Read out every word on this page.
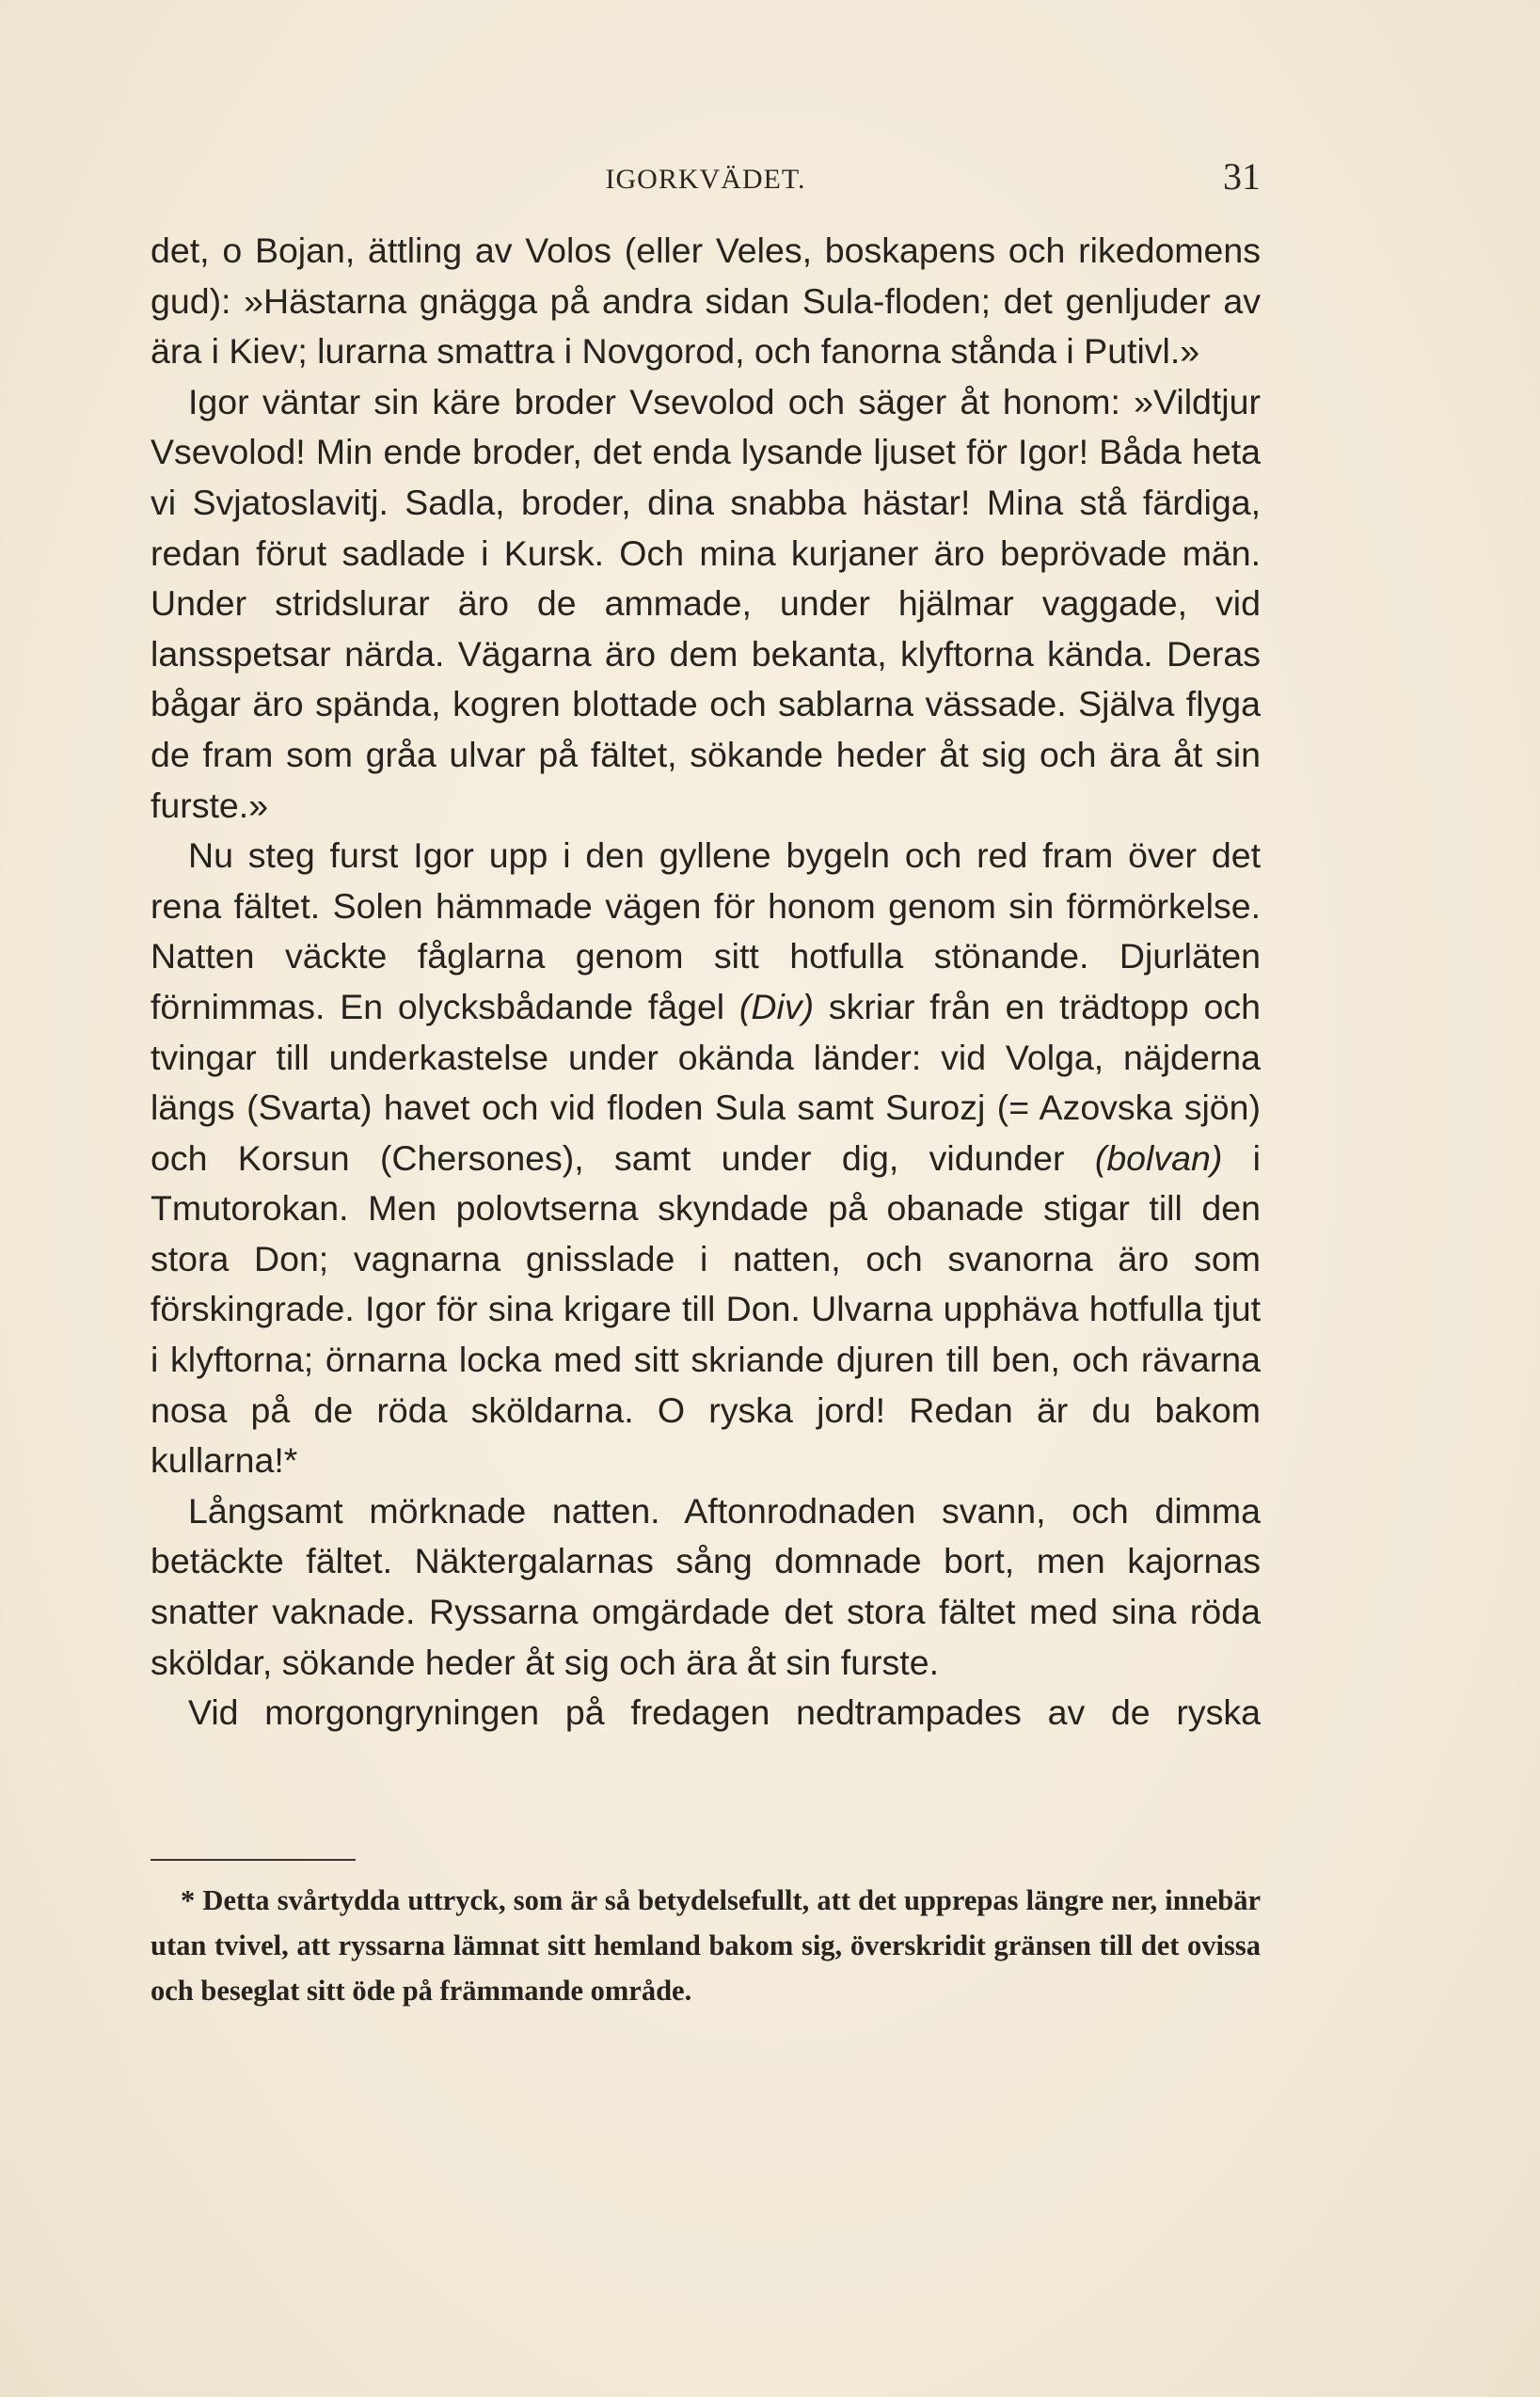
IGORKVÄDET.	31

det, o Bojan, ättling av Volos (eller Veles, boskapens och rikedomens gud): »Hästarna gnägga på andra sidan Sula-floden; det genljuder av ära i Kiev; lurarna smattra i Novgorod, och fanorna stånda i Putivl.»

Igor väntar sin käre broder Vsevolod och säger åt honom: »Vildtjur Vsevolod! Min ende broder, det enda lysande ljuset för Igor! Båda heta vi Svjatoslavitj. Sadla, broder, dina snabba hästar! Mina stå färdiga, redan förut sadlade i Kursk. Och mina kurjaner äro beprövade män. Under stridslurar äro de ammade, under hjälmar vaggade, vid lansspetsar närda. Vägarna äro dem bekanta, klyftorna kända. Deras bågar äro spända, kogren blottade och sablarna vässade. Själva flyga de fram som gråa ulvar på fältet, sökande heder åt sig och ära åt sin furste.»

Nu steg furst Igor upp i den gyllene bygeln och red fram över det rena fältet. Solen hämmade vägen för honom genom sin förmörkelse. Natten väckte fåglarna genom sitt hotfulla stönande. Djurläten förnimmas. En olycksbådande fågel (Div) skriar från en trädtopp och tvingar till underkastelse under okända länder: vid Volga, näjderna längs (Svarta) havet och vid floden Sula samt Surozj (= Azovska sjön) och Korsun (Chersones), samt under dig, vidunder (bolvan) i Tmutorokan. Men polovtserna skyndade på obanade stigar till den stora Don; vagnarna gnisslade i natten, och svanorna äro som förskingrade. Igor för sina krigare till Don. Ulvarna upphäva hotfulla tjut i klyftorna; örnarna locka med sitt skriande djuren till ben, och rävarna nosa på de röda sköldarna. O ryska jord! Redan är du bakom kullarna!*

Långsamt mörknade natten. Aftonrodnaden svann, och dimma betäckte fältet. Näktergalarnas sång domnade bort, men kajornas snatter vaknade. Ryssarna omgärdade det stora fältet med sina röda sköldar, sökande heder åt sig och ära åt sin furste.

Vid morgongryningen på fredagen nedtrampades av de ryska

* Detta svårtydda uttryck, som är så betydelsefullt, att det upprepas längre ner, innebär utan tvivel, att ryssarna lämnat sitt hemland bakom sig, överskridit gränsen till det ovissa och beseglat sitt öde på främmande område.
